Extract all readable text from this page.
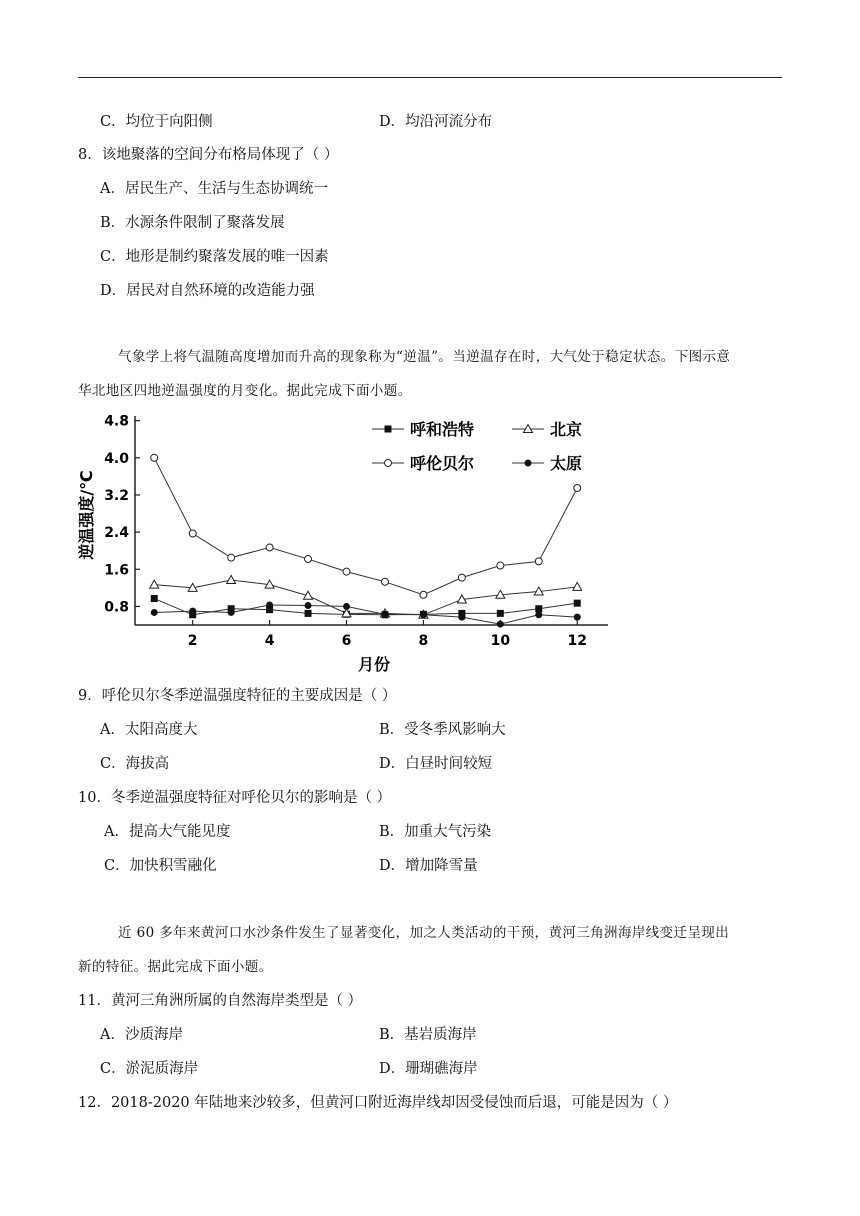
C．均位于向阳侧	D．均沿河流分布
8．该地聚落的空间分布格局体现了（ ）
A．居民生产、生活与生态协调统一
B．水源条件限制了聚落发展
C．地形是制约聚落发展的唯一因素
D．居民对自然环境的改造能力强
气象学上将气温随高度增加而升高的现象称为“逆温”。当逆温存在时，大气处于稳定状态。下图示意
华北地区四地逆温强度的月变化。据此完成下面小题。
0.8
1.6
2.4
3.2
4.0
4.8
2	4	6	8	10	12
呼和浩特	北京
呼伦贝尔	太原
月份
逆温强度/℃
9．呼伦贝尔冬季逆温强度特征的主要成因是（ ）
A．太阳高度大	B．受冬季风影响大
C．海拔高	D．白昼时间较短
10．冬季逆温强度特征对呼伦贝尔的影响是（ ）
A．提高大气能见度	B．加重大气污染
C．加快积雪融化	D．增加降雪量
近 60 多年来黄河口水沙条件发生了显著变化，加之人类活动的干预，黄河三角洲海岸线变迁呈现出
新的特征。据此完成下面小题。
11．黄河三角洲所属的自然海岸类型是（ ）
A．沙质海岸	B．基岩质海岸
C．淤泥质海岸	D．珊瑚礁海岸
12．2018-2020 年陆地来沙较多，但黄河口附近海岸线却因受侵蚀而后退，可能是因为（ ）
